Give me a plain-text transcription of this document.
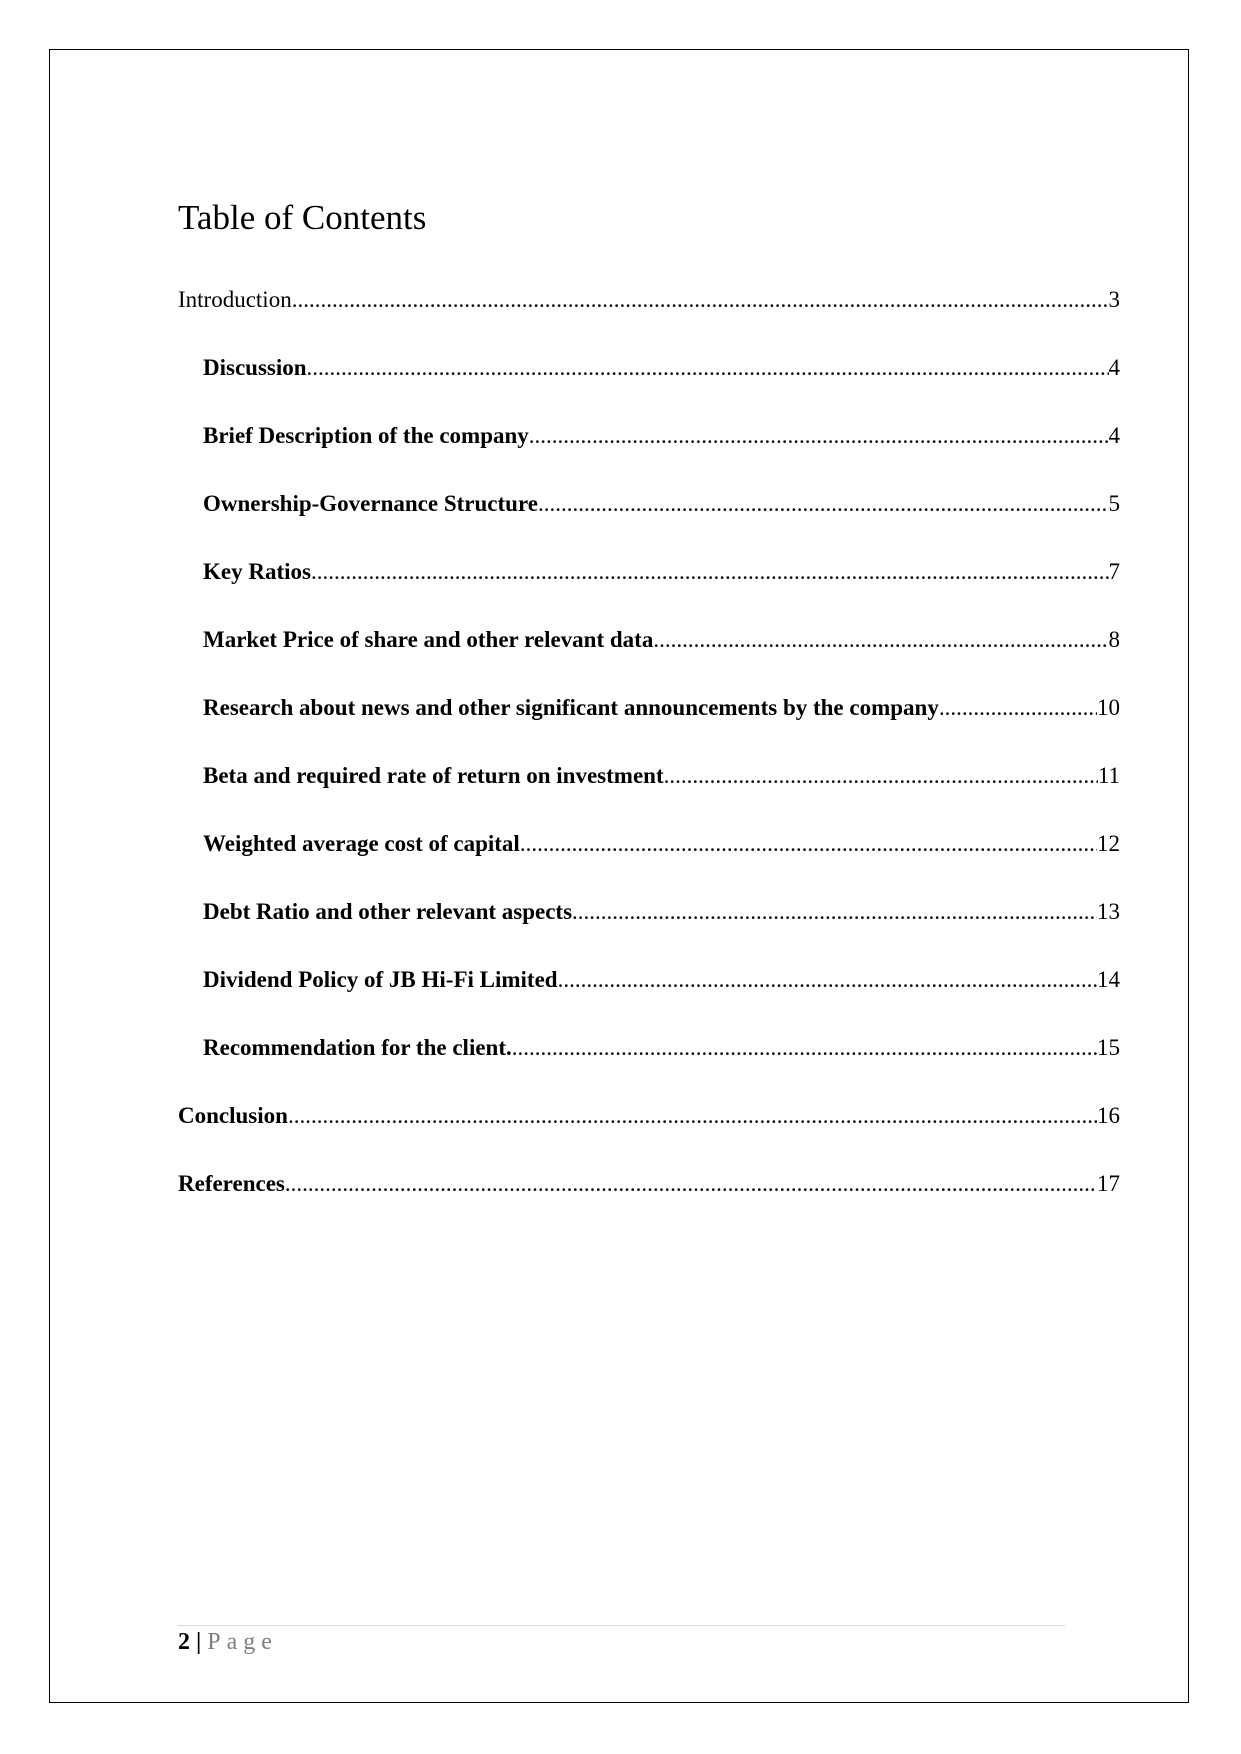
Table of Contents
Introduction .....	3
Discussion .....	4
Brief Description of the company .....	4
Ownership-Governance Structure .....	5
Key Ratios .....	7
Market Price of share and other relevant data .....	8
Research about news and other significant announcements by the company .....	10
Beta and required rate of return on investment .....	11
Weighted average cost of capital .....	12
Debt Ratio and other relevant aspects .....	13
Dividend Policy of JB Hi-Fi Limited .....	14
Recommendation for the client. .....	15
Conclusion .....	16
References .....	17
2 | Page
